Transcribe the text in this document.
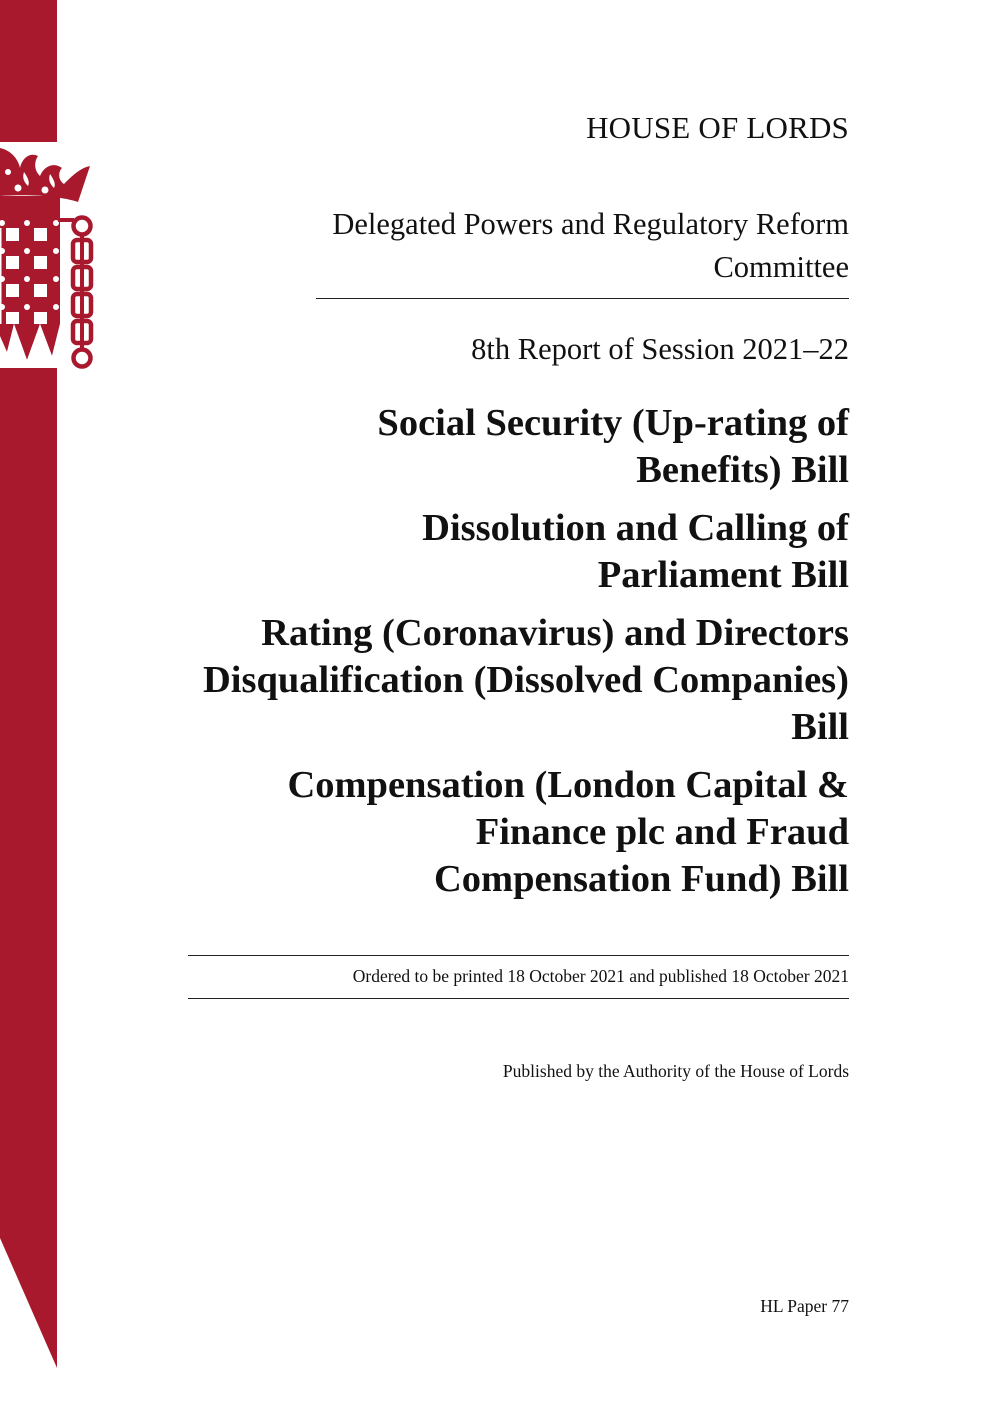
HOUSE OF LORDS
Delegated Powers and Regulatory Reform
Committee
8th Report of Session 2021–22
Social Security (Up-rating of Benefits) Bill
Dissolution and Calling of Parliament Bill
Rating (Coronavirus) and Directors Disqualification (Dissolved Companies) Bill
Compensation (London Capital & Finance plc and Fraud Compensation Fund) Bill
Ordered to be printed 18 October 2021 and published 18 October 2021
Published by the Authority of the House of Lords
HL Paper 77
